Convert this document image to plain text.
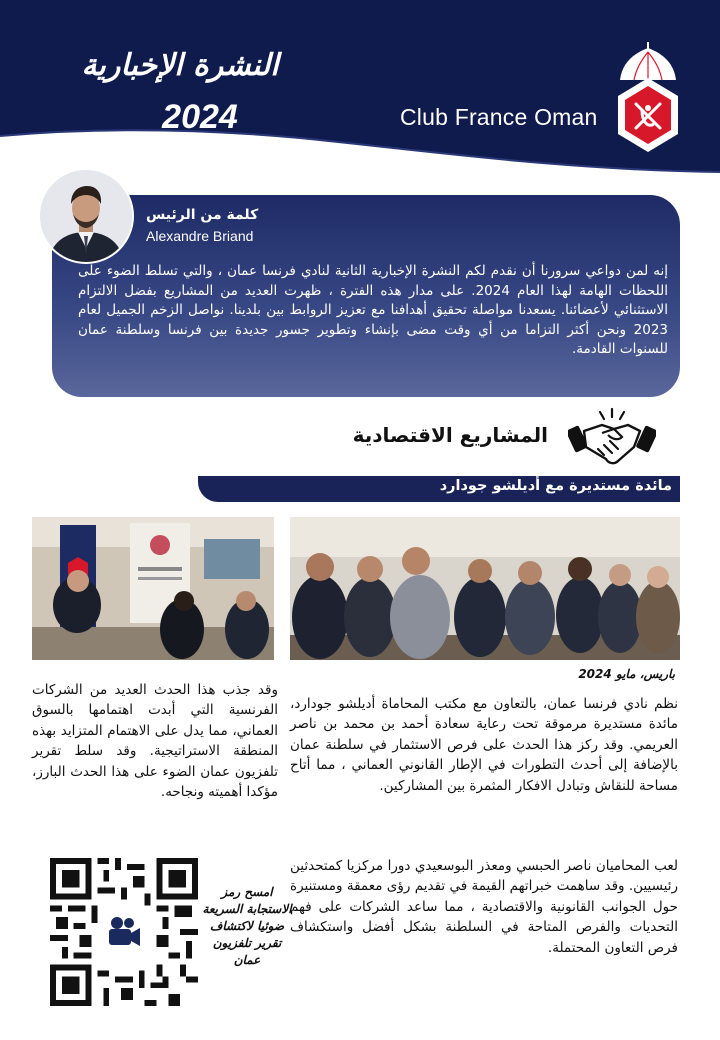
النشرة الإخبارية
2024	Club France Oman
كلمة من الرئيس
Alexandre Briand
إنه لمن دواعي سرورنا أن نقدم لكم النشرة الإخبارية الثانية لنادي فرنسا عمان ، والتي تسلط الضوء على اللحظات الهامة لهذا العام 2024. على مدار هذه الفترة ، ظهرت العديد من المشاريع بفضل الالتزام الاستثنائي لأعضائنا. يسعدنا مواصلة تحقيق أهدافنا مع تعزيز الروابط بين بلدينا. نواصل الزخم الجميل لعام 2023 ونحن أكثر التزاما من أي وقت مضى بإنشاء وتطوير جسور جديدة بين فرنسا وسلطنة عمان للسنوات القادمة.
المشاريع الاقتصادية
مائدة مستديرة مع أديلشو جودارد
باريس، مايو 2024
نظم نادي فرنسا عمان، بالتعاون مع مكتب المحاماة أديلشو جودارد، مائدة مستديرة مرموقة تحت رعاية سعادة أحمد بن محمد بن ناصر العريمي. وقد ركز هذا الحدث على فرص الاستثمار في سلطنة عمان بالإضافة إلى أحدث التطورات في الإطار القانوني العماني ، مما أتاح مساحة للنقاش وتبادل الافكار المثمرة بين المشاركين.
لعب المحاميان ناصر الحبسي ومعذر البوسعيدي دورا مركزيا كمتحدثين رئيسيين. وقد ساهمت خبراتهم القيمة في تقديم رؤى معمقة ومستنيرة حول الجوانب القانونية والاقتصادية ، مما ساعد الشركات على فهم التحديات والفرص المتاحة في السلطنة بشكل أفضل واستكشاف فرص التعاون المحتملة.
وقد جذب هذا الحدث العديد من الشركات الفرنسية التي أبدت اهتمامها بالسوق العماني، مما يدل على الاهتمام المتزايد بهذه المنطقة الاستراتيجية. وقد سلط تقرير تلفزيون عمان الضوء على هذا الحدث البارز، مؤكدا أهميته ونجاحه.
امسح رمز الاستجابة السريعة ضوئيا لاكتشاف تقرير تلفزيون عمان
